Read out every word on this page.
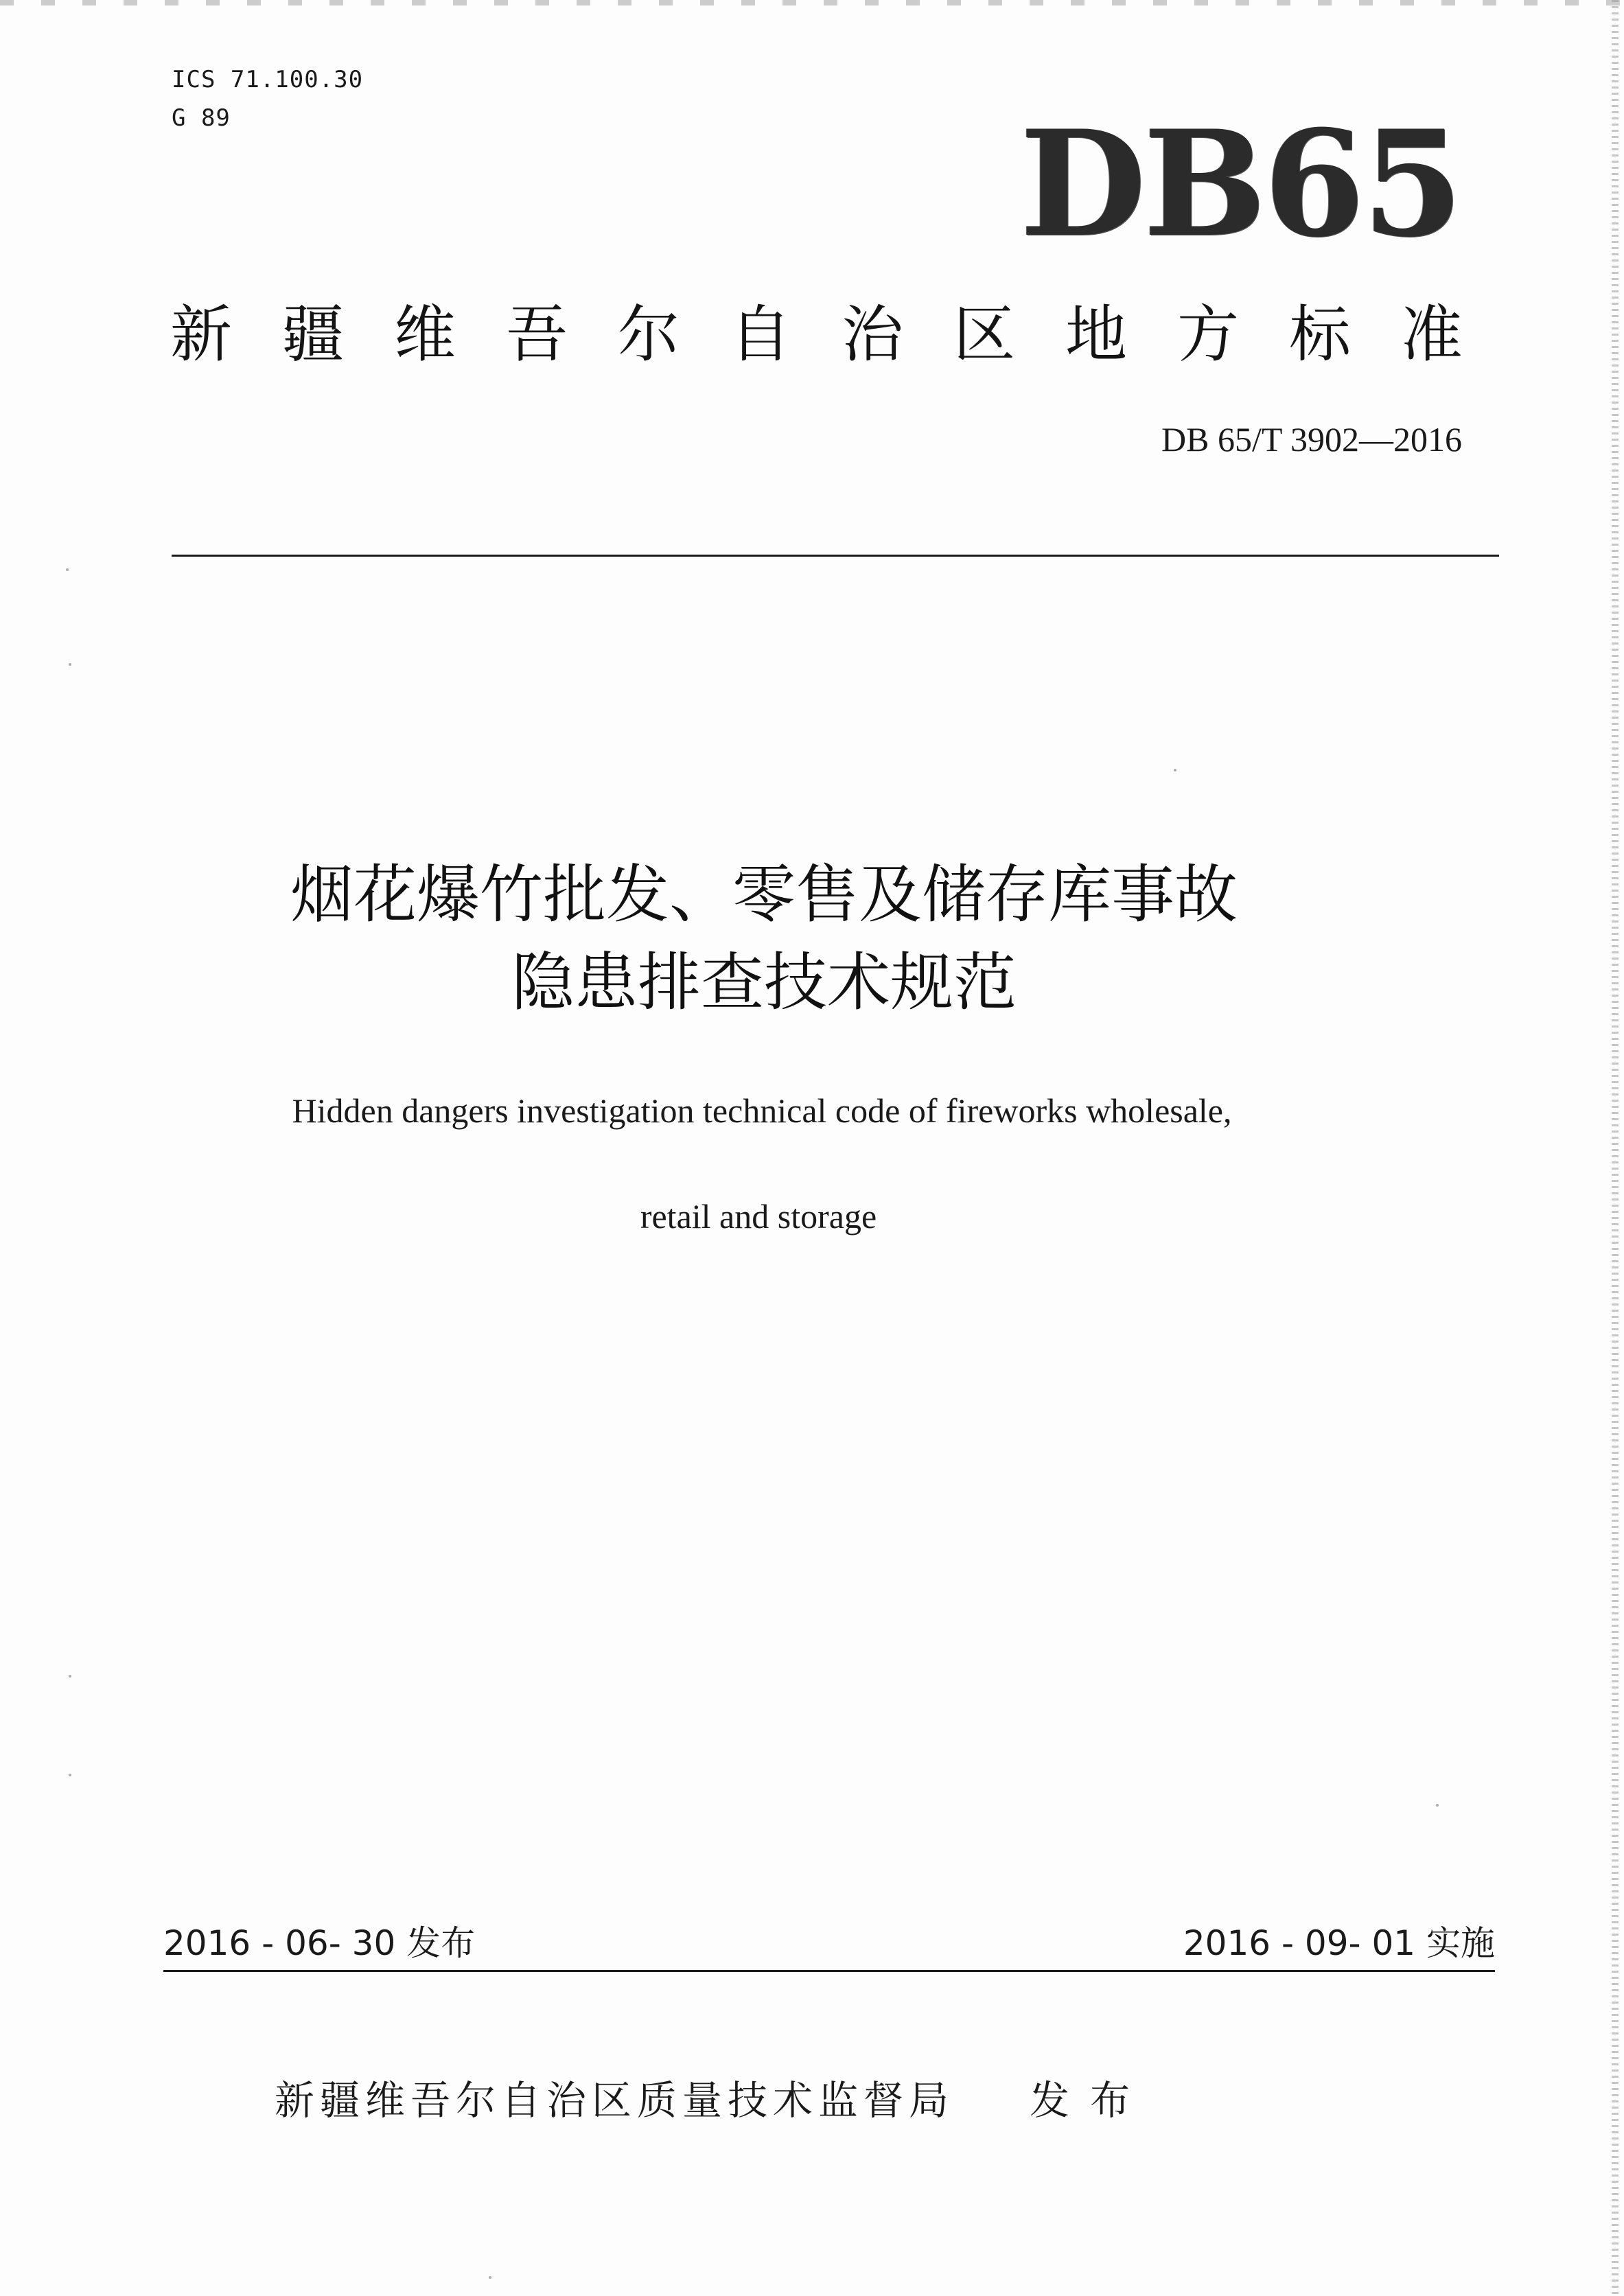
ICS 71.100.30
G 89	DB65
新疆维吾尔自治区地方标准
DB 65/T 3902—2016
烟花爆竹批发、零售及储存库事故
隐患排查技术规范
Hidden dangers investigation technical code of fireworks wholesale,
retail and storage
2016 - 06- 30 发布	2016 - 09- 01 实施
新疆维吾尔自治区质量技术监督局 发布
